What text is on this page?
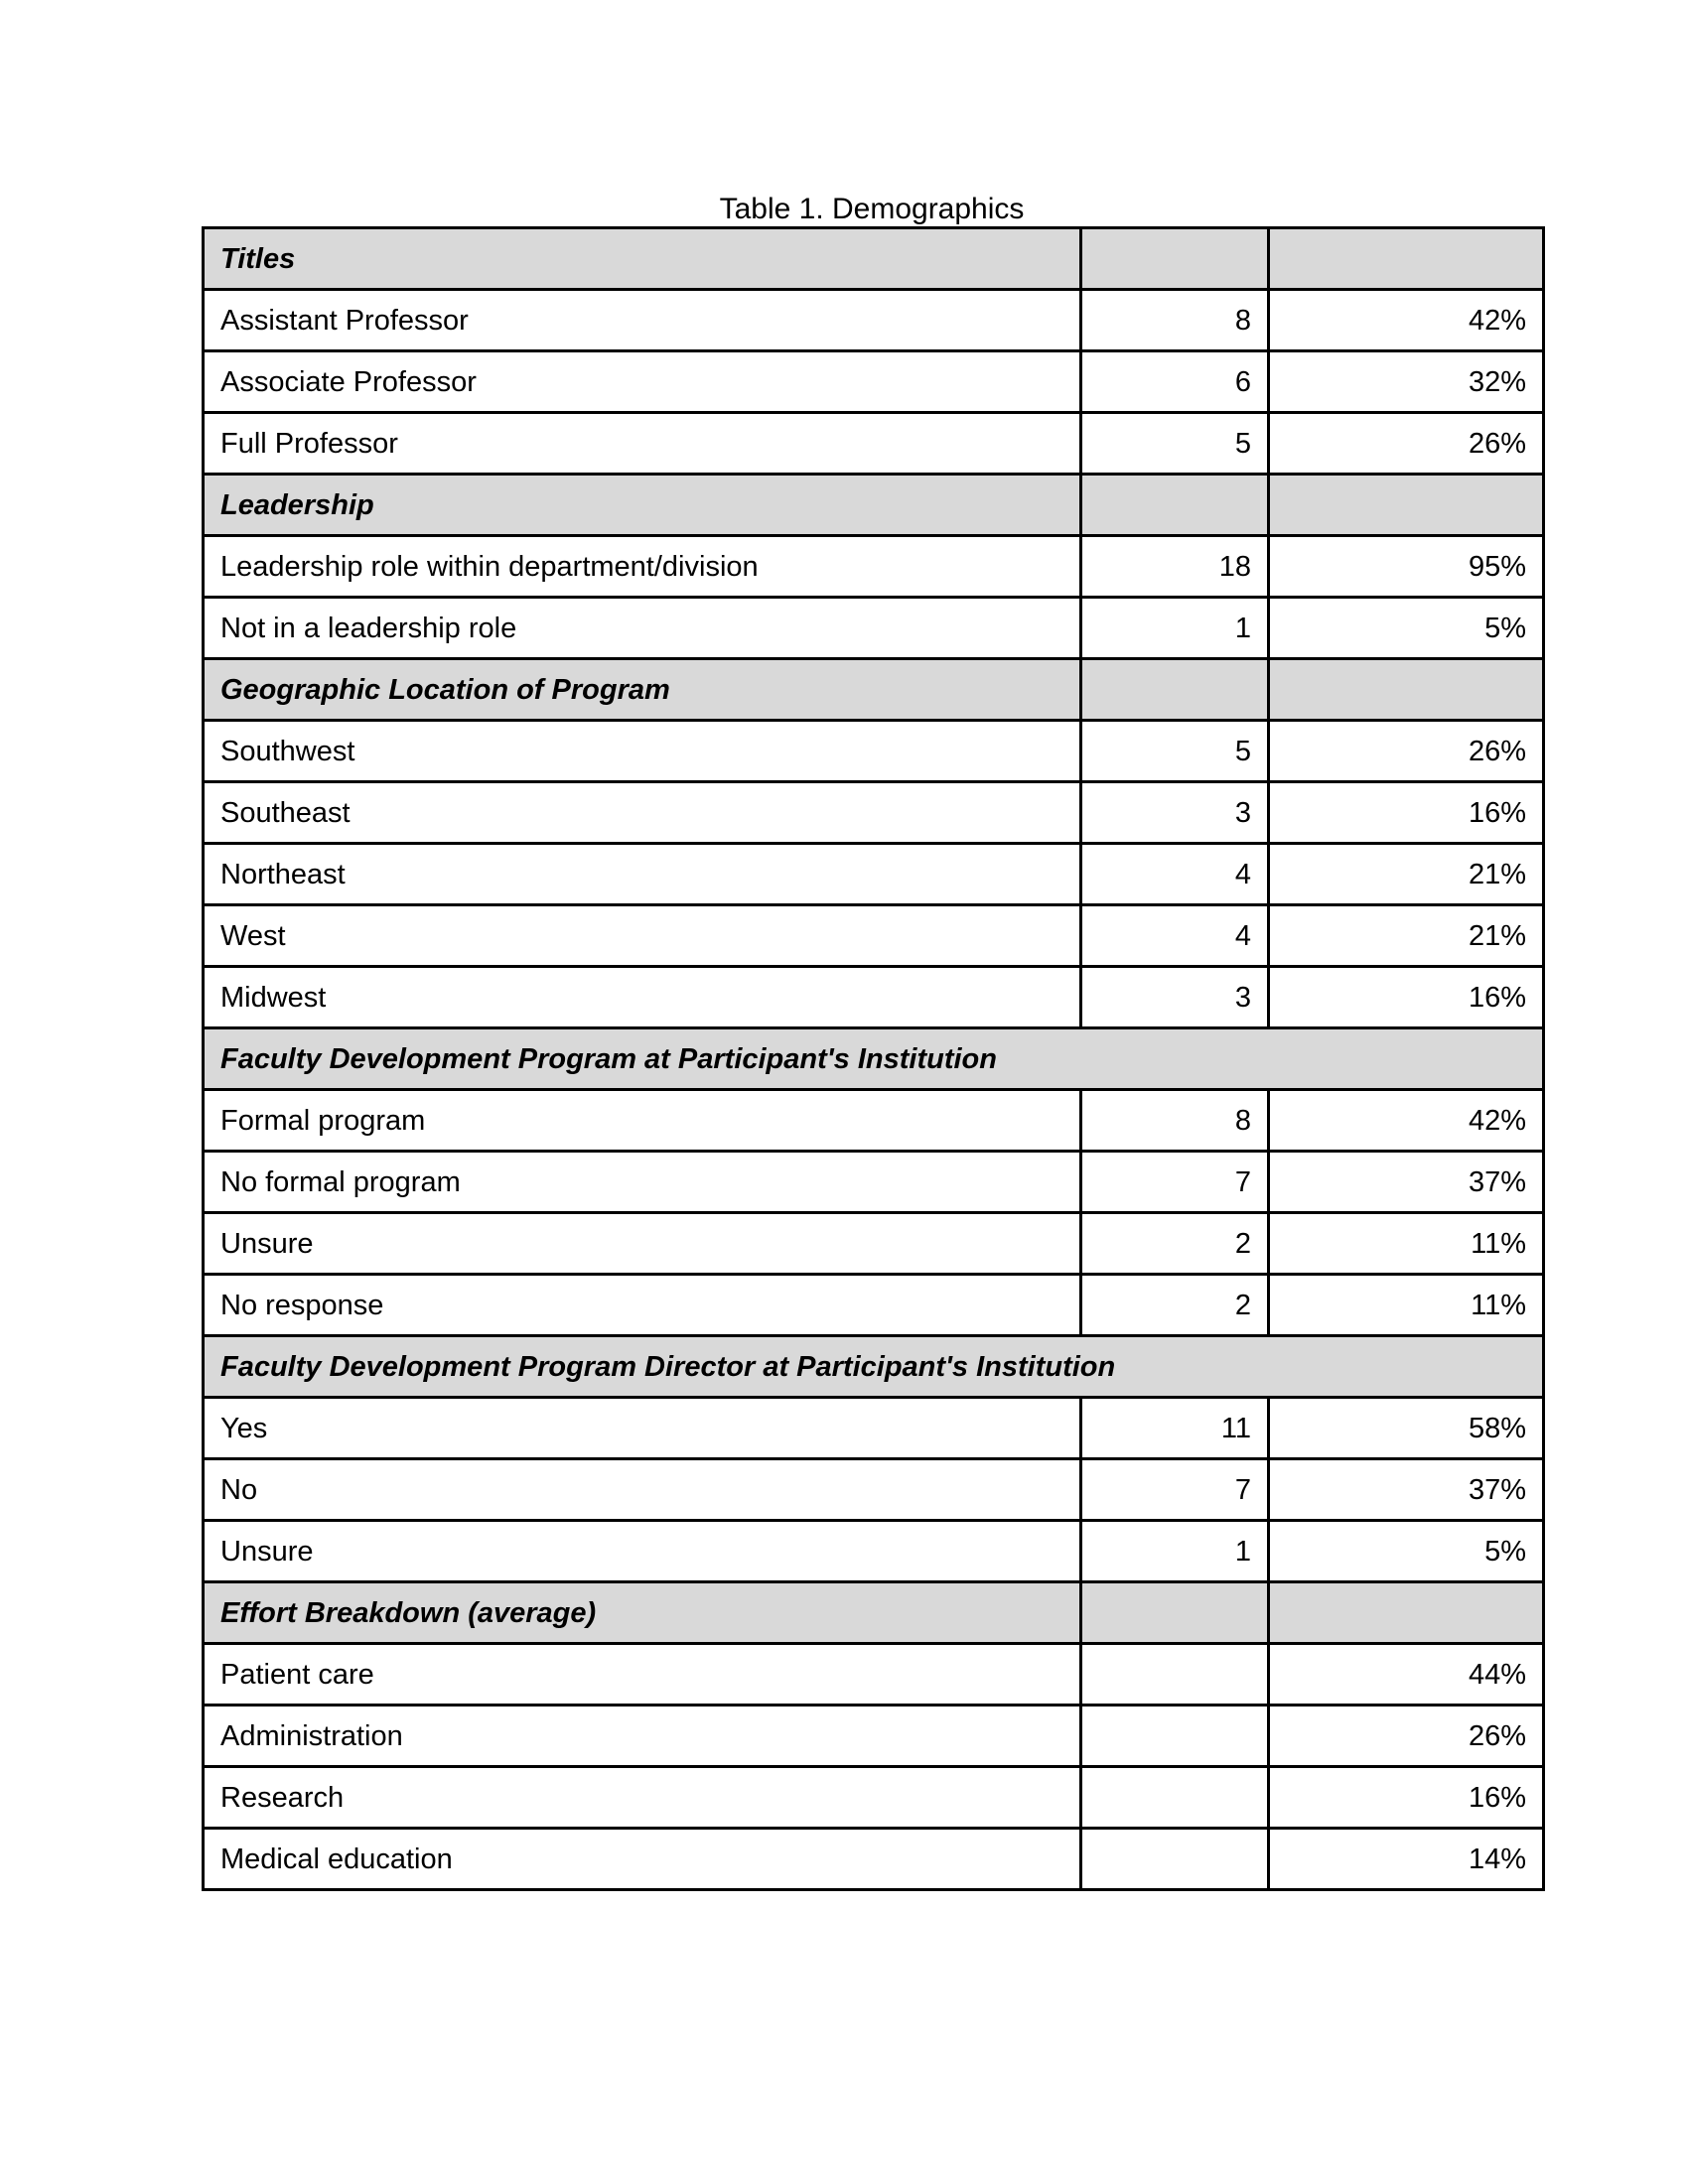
Table 1. Demographics
Titles		
Assistant Professor	8	42%
Associate Professor	6	32%
Full Professor	5	26%
Leadership		
Leadership role within department/division	18	95%
Not in a leadership role	1	5%
Geographic Location of Program		
Southwest	5	26%
Southeast	3	16%
Northeast	4	21%
West	4	21%
Midwest	3	16%
Faculty Development Program at Participant's Institution		
Formal program	8	42%
No formal program	7	37%
Unsure	2	11%
No response	2	11%
Faculty Development Program Director at Participant's Institution		
Yes	11	58%
No	7	37%
Unsure	1	5%
Effort Breakdown (average)		
Patient care		44%
Administration		26%
Research		16%
Medical education		14%
